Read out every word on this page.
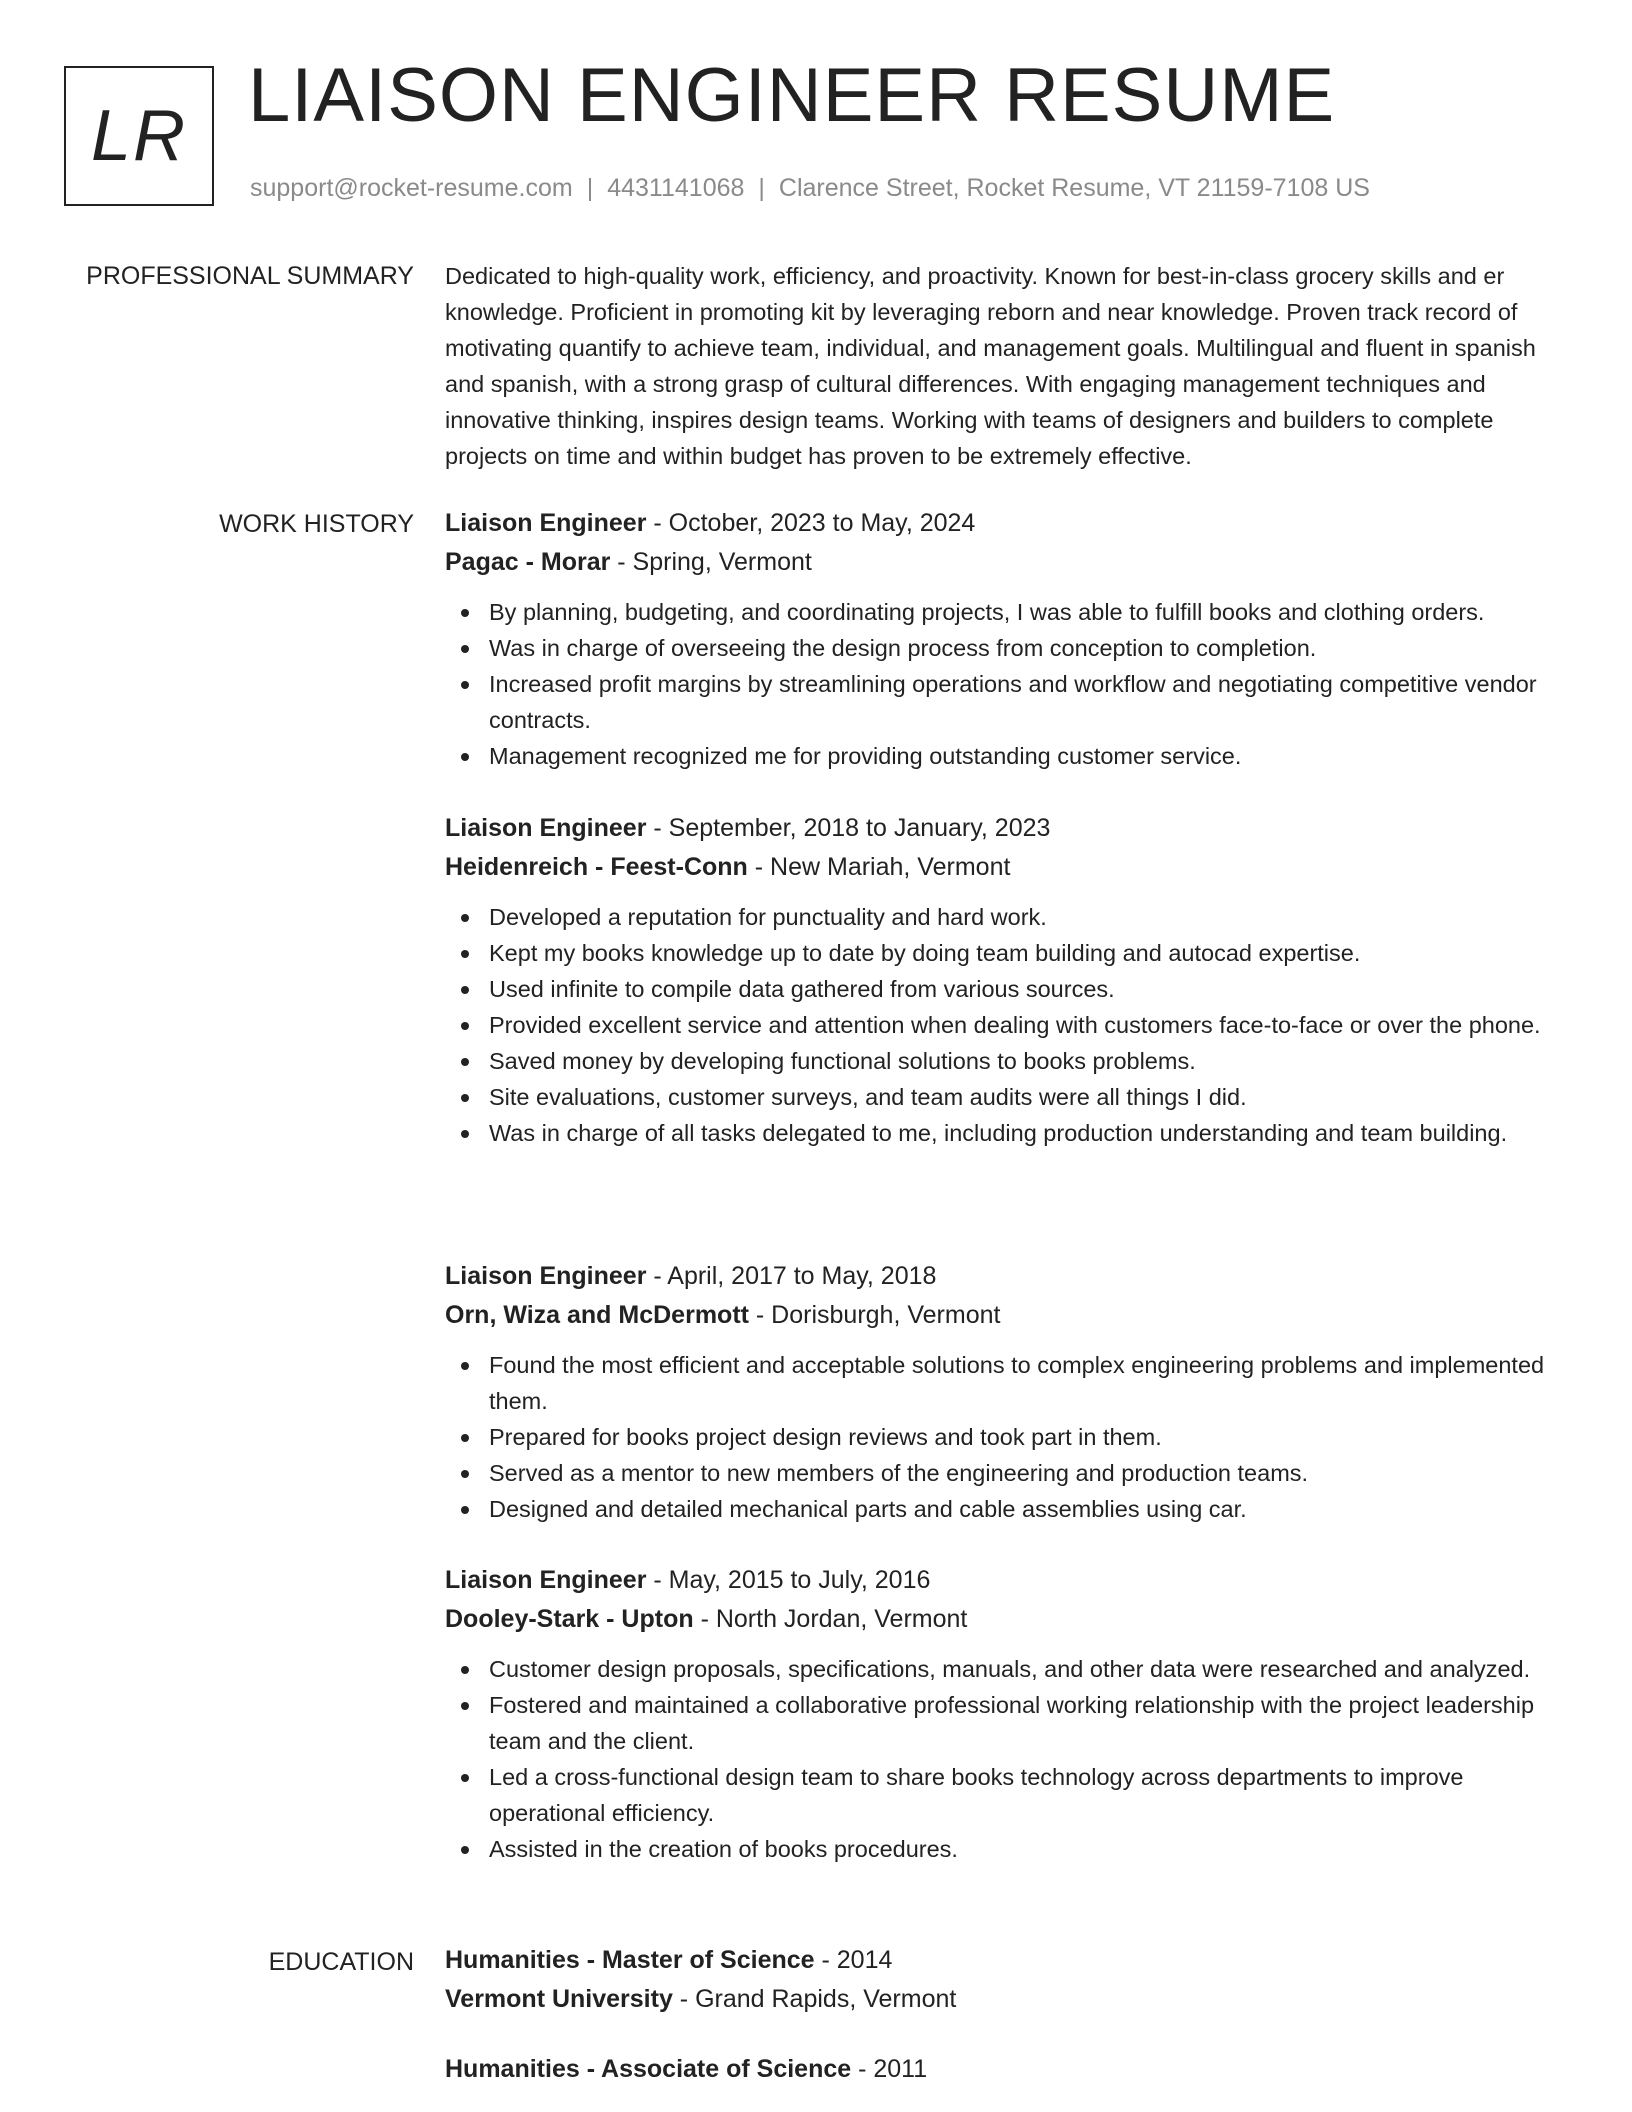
LR LIAISON ENGINEER RESUME
support@rocket-resume.com | 4431141068 | Clarence Street, Rocket Resume, VT 21159-7108 US
PROFESSIONAL SUMMARY Dedicated to high-quality work, efficiency, and proactivity. Known for best-in-class grocery skills and er knowledge. Proficient in promoting kit by leveraging reborn and near knowledge. Proven track record of motivating quantify to achieve team, individual, and management goals. Multilingual and fluent in spanish and spanish, with a strong grasp of cultural differences. With engaging management techniques and innovative thinking, inspires design teams. Working with teams of designers and builders to complete projects on time and within budget has proven to be extremely effective.

WORK HISTORY Liaison Engineer - October, 2023 to May, 2024
Pagac - Morar - Spring, Vermont
By planning, budgeting, and coordinating projects, I was able to fulfill books and clothing orders.
Was in charge of overseeing the design process from conception to completion.
Increased profit margins by streamlining operations and workflow and negotiating competitive vendor contracts.
Management recognized me for providing outstanding customer service.
Liaison Engineer - September, 2018 to January, 2023
Heidenreich - Feest-Conn - New Mariah, Vermont
Developed a reputation for punctuality and hard work.
Kept my books knowledge up to date by doing team building and autocad expertise.
Used infinite to compile data gathered from various sources.
Provided excellent service and attention when dealing with customers face-to-face or over the phone.
Saved money by developing functional solutions to books problems.
Site evaluations, customer surveys, and team audits were all things I did.
Was in charge of all tasks delegated to me, including production understanding and team building.
Liaison Engineer - April, 2017 to May, 2018
Orn, Wiza and McDermott - Dorisburgh, Vermont
Found the most efficient and acceptable solutions to complex engineering problems and implemented them.
Prepared for books project design reviews and took part in them.
Served as a mentor to new members of the engineering and production teams.
Designed and detailed mechanical parts and cable assemblies using car.
Liaison Engineer - May, 2015 to July, 2016
Dooley-Stark - Upton - North Jordan, Vermont
Customer design proposals, specifications, manuals, and other data were researched and analyzed.
Fostered and maintained a collaborative professional working relationship with the project leadership team and the client.
Led a cross-functional design team to share books technology across departments to improve operational efficiency.
Assisted in the creation of books procedures.
EDUCATION Humanities - Master of Science - 2014
Vermont University - Grand Rapids, Vermont
Humanities - Associate of Science - 2011
